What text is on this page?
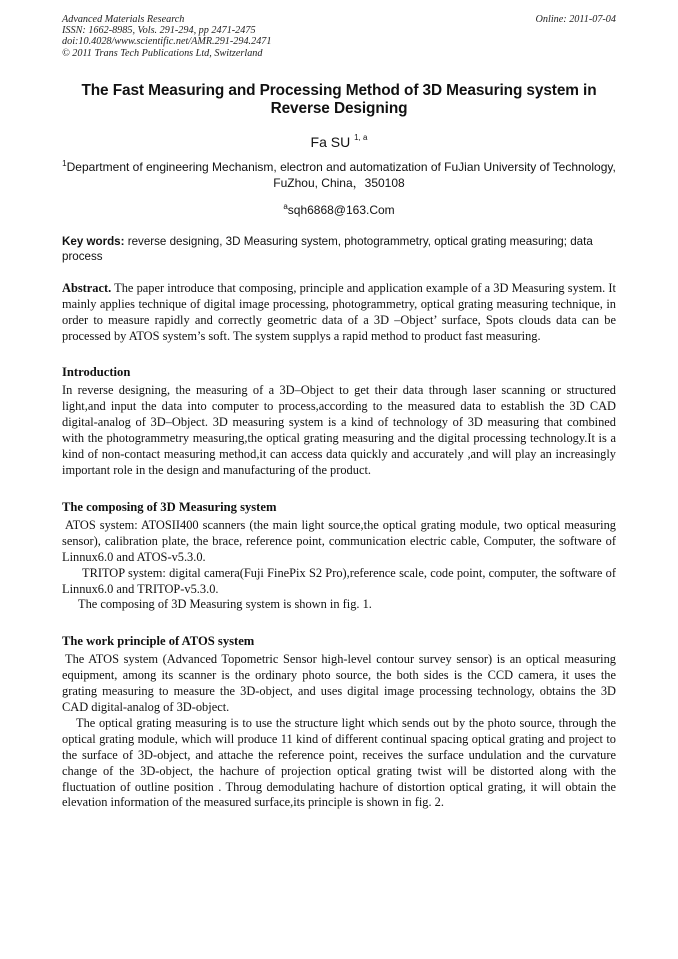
Advanced Materials Research
ISSN: 1662-8985, Vols. 291-294, pp 2471-2475
doi:10.4028/www.scientific.net/AMR.291-294.2471
© 2011 Trans Tech Publications Ltd, Switzerland
Online: 2011-07-04
The Fast Measuring and Processing Method of 3D Measuring system in Reverse Designing
Fa SU $^{1, a}$
$^1$Department of engineering Mechanism, electron and automatization of FuJian University of Technology, FuZhou, China，350108
$^a$sqh6868@163.Com
Key words: reverse designing, 3D Measuring system, photogrammetry, optical grating measuring; data process
Abstract. The paper introduce that composing, principle and application example of a 3D Measuring system. It mainly applies technique of digital image processing, photogrammetry, optical grating measuring technique, in order to measure rapidly and correctly geometric data of a 3D –Object’ surface, Spots clouds data can be processed by ATOS system’s soft. The system supplys a rapid method to product fast measuring.
Introduction

In reverse designing, the measuring of a 3D–Object to get their data through laser scanning or structured light,and input the data into computer to process,according to the measured data to establish the 3D CAD digital-analog of 3D–Object. 3D measuring system is a kind of technology of 3D measuring that combined with the photogrammetry measuring,the optical grating measuring and the digital processing technology.It is a kind of non-contact measuring method,it can access data quickly and accurately ,and will play an increasingly important role in the design and manufacturing of the product.

The composing of 3D Measuring system

ATOS system: ATOSII400 scanners (the main light source,the optical grating module, two optical measuring sensor), calibration plate, the brace, reference point, communication electric cable, Computer, the software of Linnux6.0 and ATOS-v5.3.0.

TRITOP system: digital camera(Fuji FinePix S2 Pro),reference scale, code point, computer, the software of Linnux6.0 and TRITOP-v5.3.0.

The composing of 3D Measuring system is shown in fig. 1.

The work principle of ATOS system

The ATOS system (Advanced Topometric Sensor high-level contour survey sensor) is an optical measuring equipment, among its scanner is the ordinary photo source, the both sides is the CCD camera, it uses the grating measuring to measure the 3D-object, and uses digital image processing technology, obtains the 3D CAD digital-analog of 3D-object.

The optical grating measuring is to use the structure light which sends out by the photo source, through the optical grating module, which will produce 11 kind of different continual spacing optical grating and project to the surface of 3D-object, and attache the reference point, receives the surface undulation and the curvature change of the 3D-object, the hachure of projection optical grating twist will be distorted along with the fluctuation of outline position . Throug demodulating hachure of distortion optical grating, it will obtain the elevation information of the measured surface,its principle is shown in fig. 2.
